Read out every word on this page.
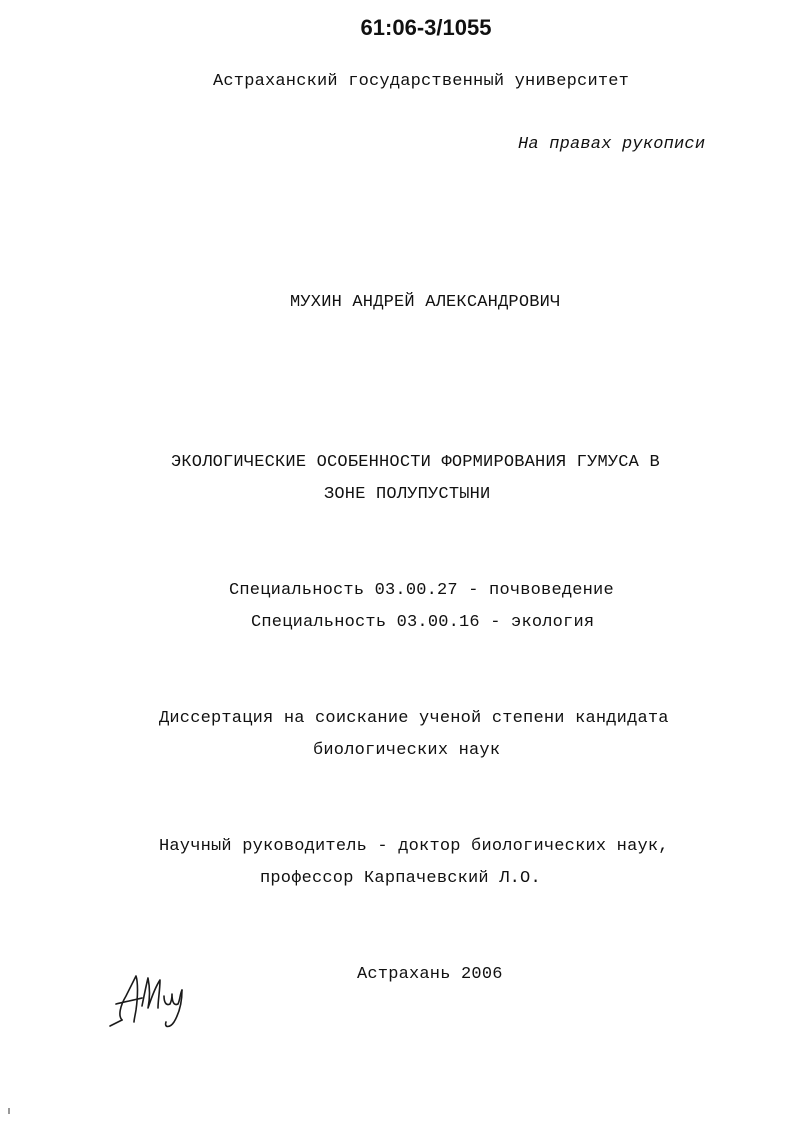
61:06-3/1055
Астраханский государственный университет
На правах рукописи
МУХИН АНДРЕЙ АЛЕКСАНДРОВИЧ
ЭКОЛОГИЧЕСКИЕ ОСОБЕННОСТИ ФОРМИРОВАНИЯ ГУМУСА В
ЗОНЕ ПОЛУПУСТЫНИ
Специальность 03.00.27 - почвоведение
Специальность 03.00.16 - экология
Диссертация на соискание ученой степени кандидата
биологических наук
Научный руководитель - доктор биологических наук,
профессор Карпачевский Л.О.
Астрахань 2006
